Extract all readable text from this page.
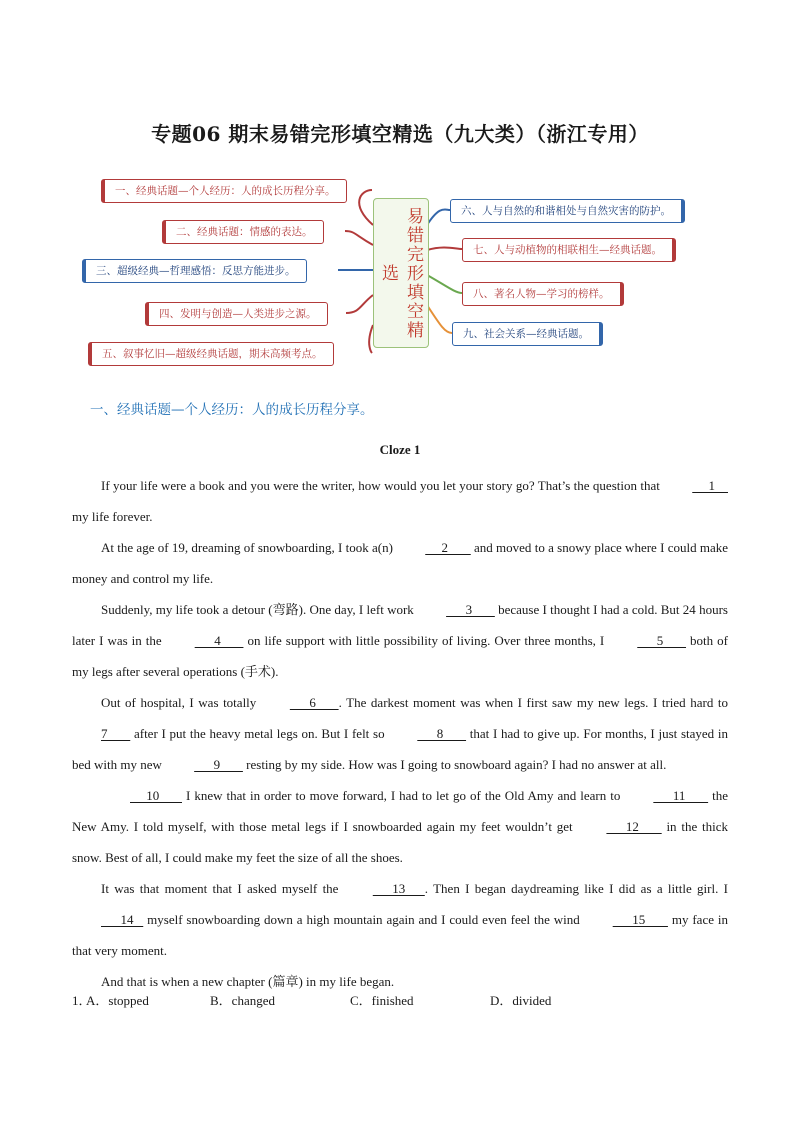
专题06 期末易错完形填空精选（九大类）（浙江专用）
易错完形填空精选
一、经典话题—个人经历：人的成长历程分享。
二、经典话题：情感的表达。
三、超级经典—哲理感悟：反思方能进步。
四、发明与创造—人类进步之源。
五、叙事忆旧—超级经典话题，期末高频考点。
六、人与自然的和谐相处与自然灾害的防护。
七、人与动植物的相联相生—经典话题。
八、著名人物—学习的榜样。
九、社会关系—经典话题。
一、经典话题—个人经历：人的成长历程分享。
Cloze 1

If your life were a book and you were the writer, how would you let your story go? That’s the question that      1     my life forever.

At the age of 19, dreaming of snowboarding, I took a(n)      2        and moved to a snowy place where I could make money and control my life.

Suddenly, my life took a detour (弯路). One day, I left work       3        because I thought I had a cold. But 24 hours later I was in the       4        on life support with little possibility of living. Over three months, I       5        both of my legs after several operations (手术).

Out of hospital, I was totally       6       . The darkest moment was when I first saw my new legs. I tried hard to 7        after I put the heavy metal legs on. But I felt so       8        that I had to give up. For months, I just stayed in bed with my new       9        resting by my side. How was I going to snowboard again? I had no answer at all.

10        I knew that in order to move forward, I had to let go of the Old Amy and learn to       11        the New Amy. I told myself, with those metal legs if I snowboarded again my feet wouldn’t get       12        in the thick snow. Best of all, I could make my feet the size of all the shoes.

It was that moment that I asked myself the       13      . Then I began daydreaming like I did as a little girl. I       14    myself snowboarding down a high mountain again and I could even feel the wind       15        my face in that very moment.

And that is when a new chapter (篇章) in my life began.

1．
A．stopped	B．changed	C．finished	D．divided
